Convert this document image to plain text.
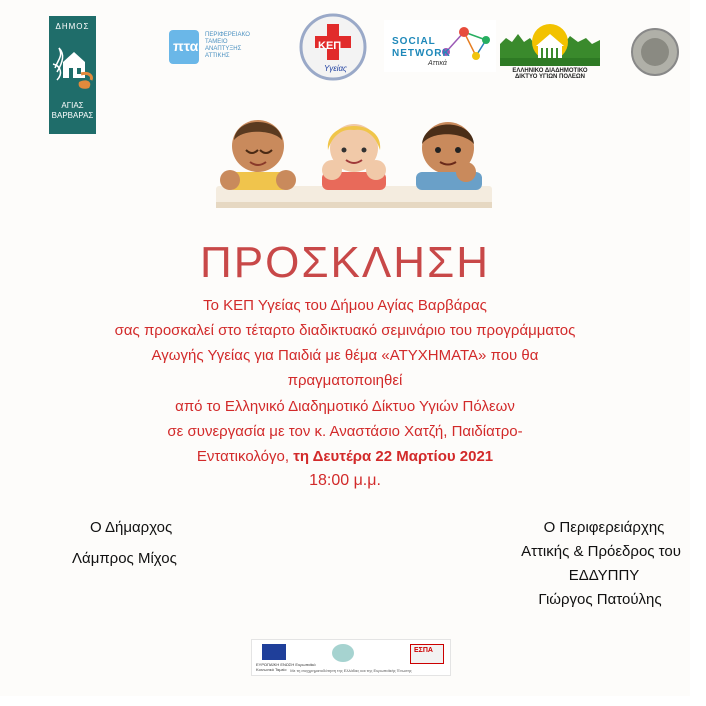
ΔΗΜΟΣ
ΑΓΙΑΣ
ΒΑΡΒΑΡΑΣ
πτα
ΠΕΡΙΦΕΡΕΙΑΚΟ
ΤΑΜΕΙΟ
ΑΝΑΠΤΥΞΗΣ
ΑΤΤΙΚΗΣ
ΚΕΠ
Υγείας
SOCIAL
NETWORK
Αττικά
ΕΛΛΗΝΙΚΟ ΔΙΑΔΗΜΟΤΙΚΟ
ΔΙΚΤΥΟ ΥΓΙΩΝ ΠΟΛΕΩΝ
ΠΡΟΣΚΛΗΣΗ
Το ΚΕΠ Υγείας του Δήμου Αγίας Βαρβάρας
σας προσκαλεί στο τέταρτο διαδικτυακό σεμινάριο του προγράμματος
Αγωγής Υγείας για Παιδιά με θέμα «ΑΤΥΧΗΜΑΤΑ» που θα
πραγματοποιηθεί
από το Ελληνικό Διαδημοτικό Δίκτυο Υγιών Πόλεων
σε συνεργασία με τον κ. Αναστάσιο Χατζή, Παιδίατρο-
Εντατικολόγο, τη Δευτέρα 22 Μαρτίου 2021
18:00 μ.μ.
Ο Δήμαρχος
Λάμπρος Μίχος
Ο Περιφερειάρχης
Αττικής & Πρόεδρος του
ΕΔΔΥΠΠΥ
Γιώργος Πατούλης
ΕΥΡΩΠΑΪΚΗ ΕΝΩΣΗ Ευρωπαϊκό Κοινωνικό Ταμείο
ΕΣΠΑ
Με τη συγχρηματοδότηση της Ελλάδας και της Ευρωπαϊκής Ένωσης
